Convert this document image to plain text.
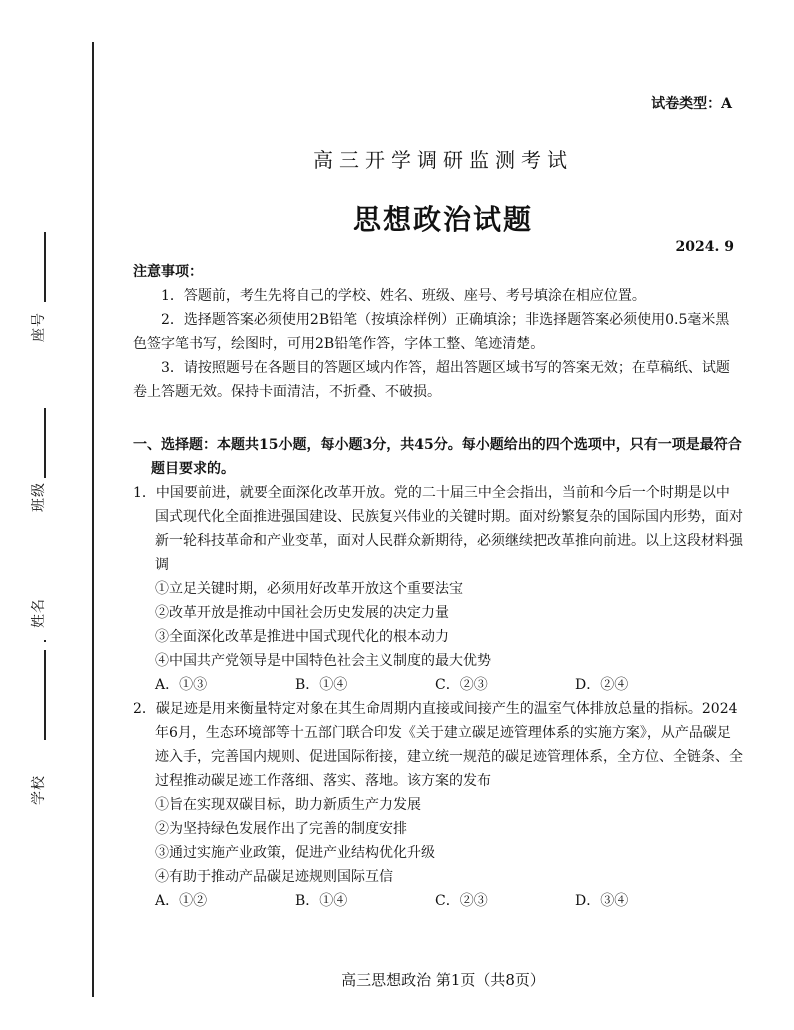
座号
班级
姓名
学校
试卷类型：A
高三开学调研监测考试
思想政治试题
2024. 9

注意事项：

1．答题前，考生先将自己的学校、姓名、班级、座号、考号填涂在相应位置。

2．选择题答案必须使用2B铅笔（按填涂样例）正确填涂；非选择题答案必须使用0.5毫米黑色签字笔书写，绘图时，可用2B铅笔作答，字体工整、笔迹清楚。

3．请按照题号在各题目的答题区域内作答，超出答题区域书写的答案无效；在草稿纸、试题卷上答题无效。保持卡面清洁，不折叠、不破损。

一、选择题：本题共15小题，每小题3分，共45分。每小题给出的四个选项中，只有一项是最符合题目要求的。

1．中国要前进，就要全面深化改革开放。党的二十届三中全会指出，当前和今后一个时期是以中国式现代化全面推进强国建设、民族复兴伟业的关键时期。面对纷繁复杂的国际国内形势，面对新一轮科技革命和产业变革，面对人民群众新期待，必须继续把改革推向前进。以上这段材料强调

①立足关键时期，必须用好改革开放这个重要法宝

②改革开放是推动中国社会历史发展的决定力量

③全面深化改革是推进中国式现代化的根本动力

④中国共产党领导是中国特色社会主义制度的最大优势

A．①③	B．①④	C．②③	D．②④

2．碳足迹是用来衡量特定对象在其生命周期内直接或间接产生的温室气体排放总量的指标。2024年6月，生态环境部等十五部门联合印发《关于建立碳足迹管理体系的实施方案》，从产品碳足迹入手，完善国内规则、促进国际衔接，建立统一规范的碳足迹管理体系，全方位、全链条、全过程推动碳足迹工作落细、落实、落地。该方案的发布

①旨在实现双碳目标，助力新质生产力发展

②为坚持绿色发展作出了完善的制度安排

③通过实施产业政策，促进产业结构优化升级

④有助于推动产品碳足迹规则国际互信

A．①②	B．①④	C．②③	D．③④
高三思想政治 第1页（共8页）
